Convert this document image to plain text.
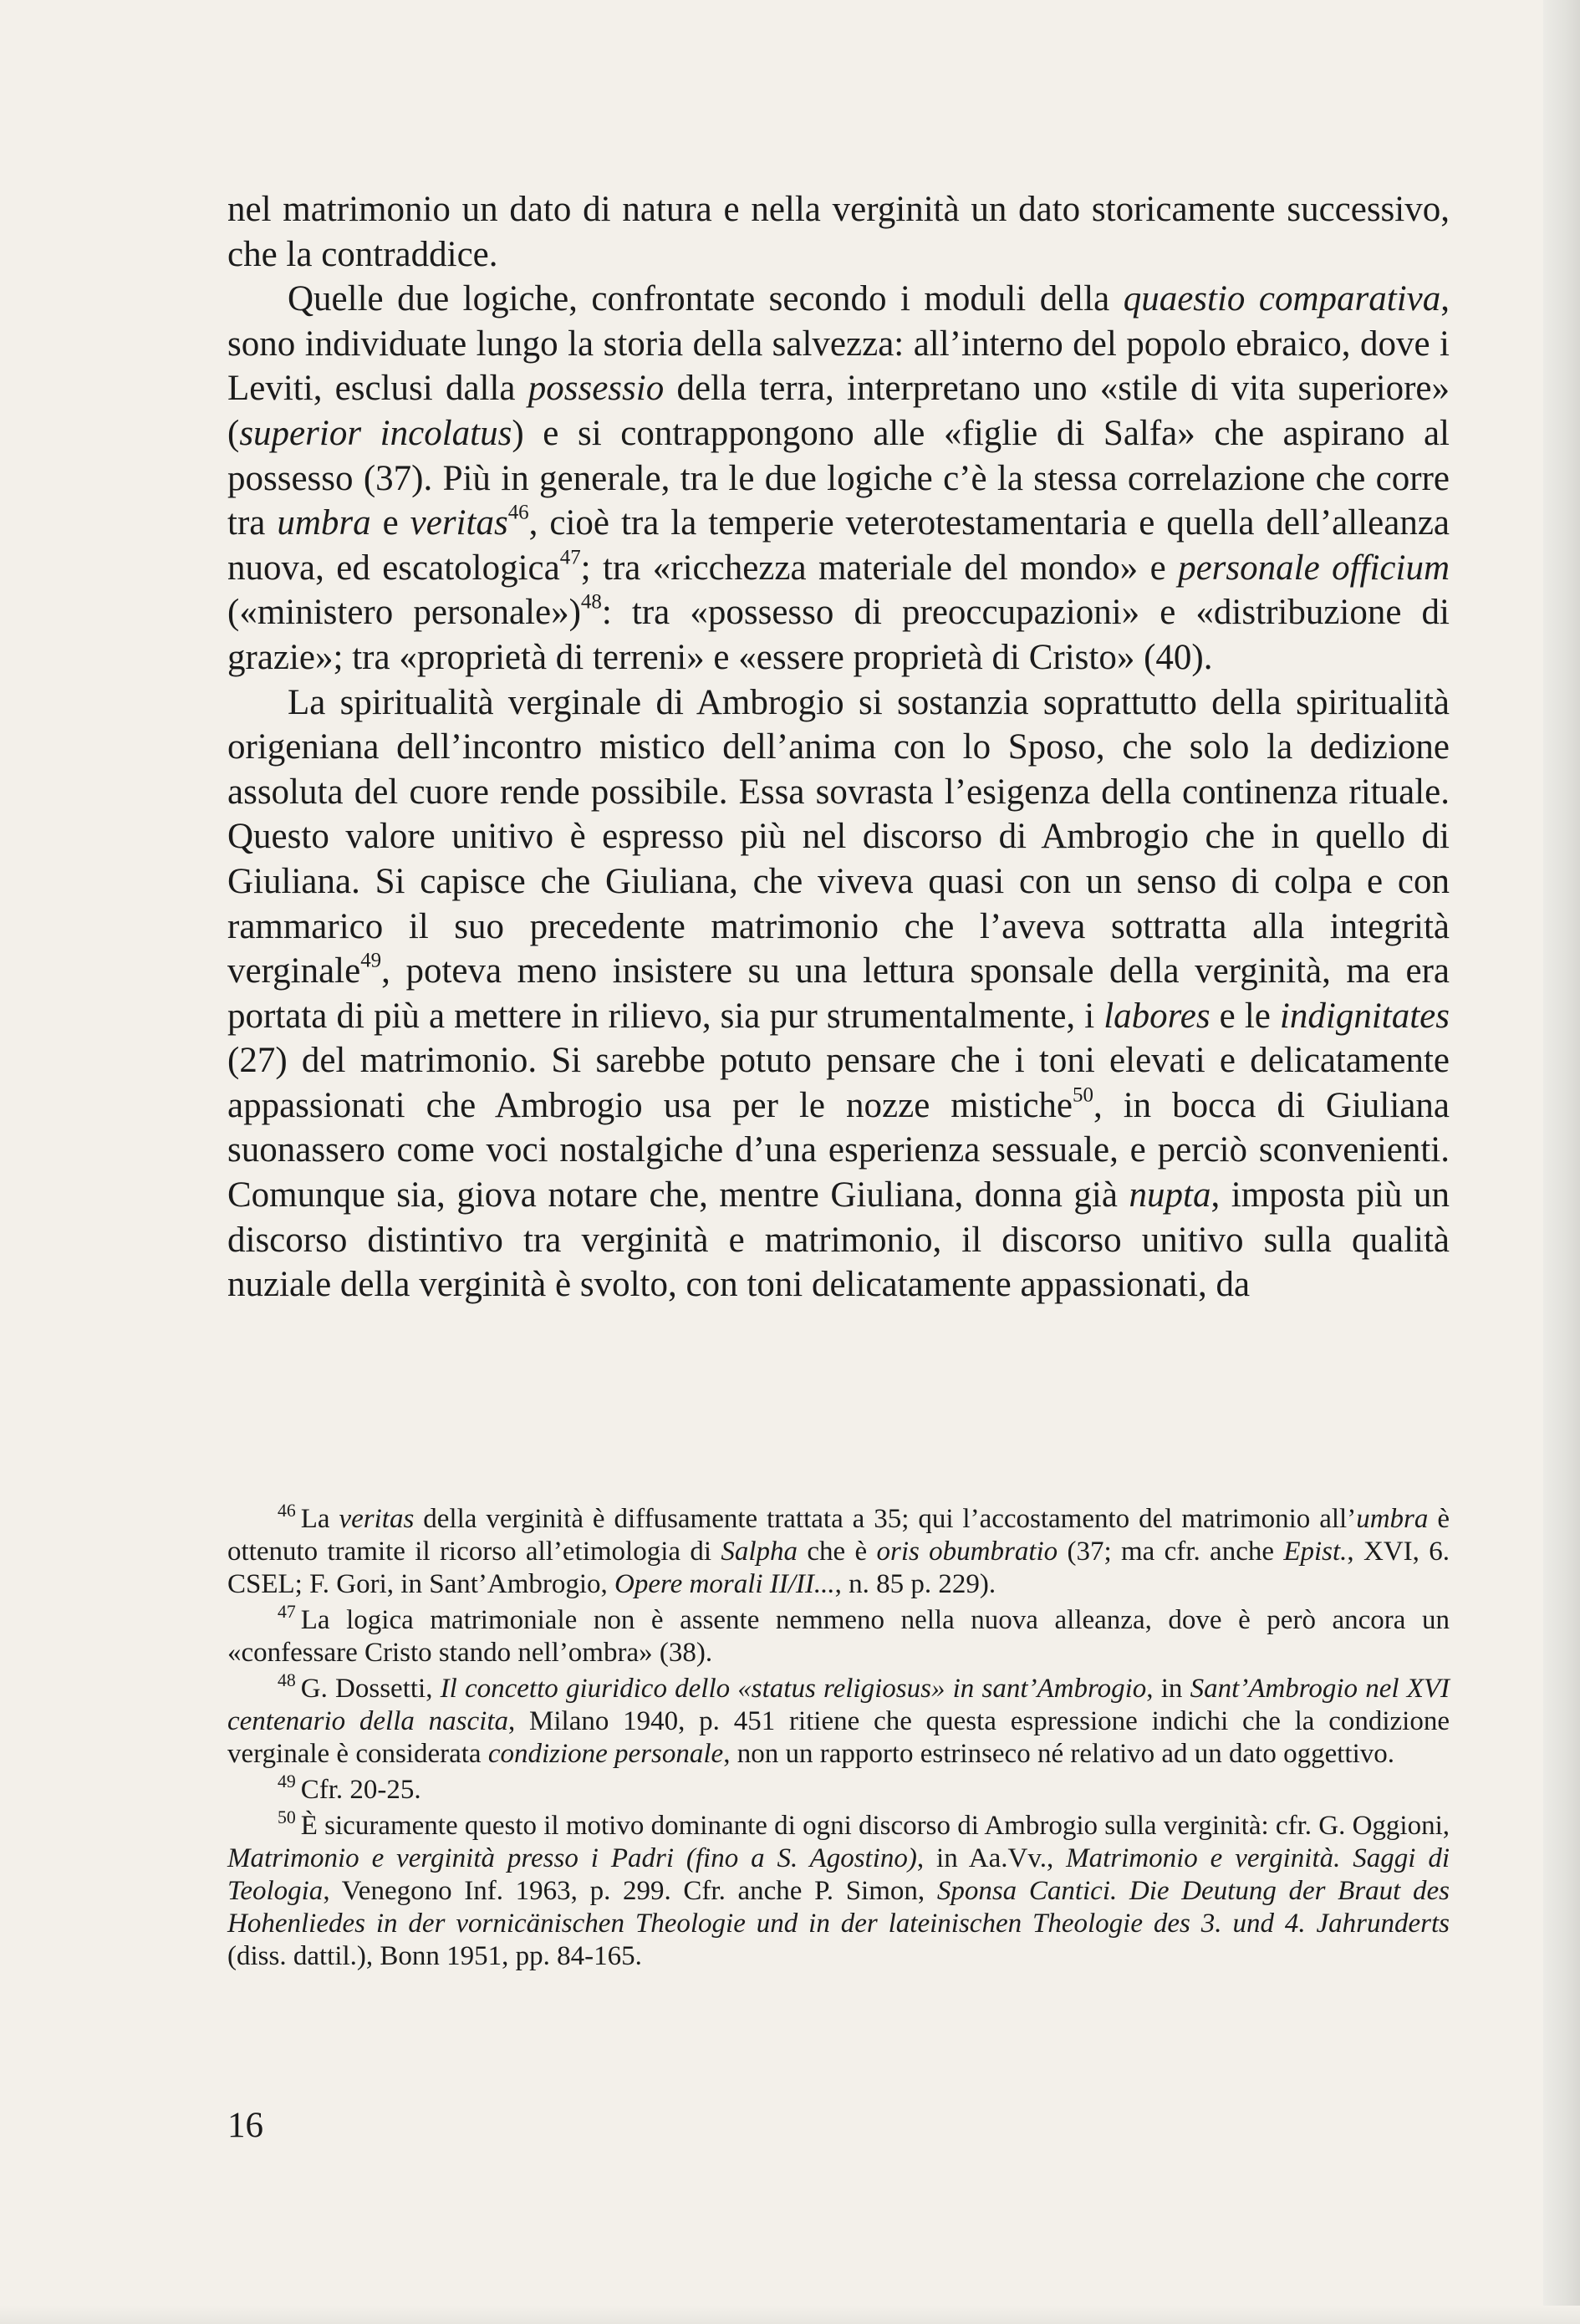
nel matrimonio un dato di natura e nella verginità un dato storicamente successivo, che la contraddice.

Quelle due logiche, confrontate secondo i moduli della quaestio comparativa, sono individuate lungo la storia della salvezza: all’interno del popolo ebraico, dove i Leviti, esclusi dalla possessio della terra, interpretano uno «stile di vita superiore» (superior incolatus) e si contrappongono alle «figlie di Salfa» che aspirano al possesso (37). Più in generale, tra le due logiche c’è la stessa correlazione che corre tra umbra e veritas$^{46}$, cioè tra la temperie veterotestamentaria e quella dell’alleanza nuova, ed escatologica$^{47}$; tra «ricchezza materiale del mondo» e personale officium («ministero personale»)$^{48}$: tra «possesso di preoccupazioni» e «distribuzione di grazie»; tra «proprietà di terreni» e «essere proprietà di Cristo» (40).

La spiritualità verginale di Ambrogio si sostanzia soprattutto della spiritualità origeniana dell’incontro mistico dell’anima con lo Sposo, che solo la dedizione assoluta del cuore rende possibile. Essa sovrasta l’esigenza della continenza rituale. Questo valore unitivo è espresso più nel discorso di Ambrogio che in quello di Giuliana. Si capisce che Giuliana, che viveva quasi con un senso di colpa e con rammarico il suo precedente matrimonio che l’aveva sottratta alla integrità verginale$^{49}$, poteva meno insistere su una lettura sponsale della verginità, ma era portata di più a mettere in rilievo, sia pur strumentalmente, i labores e le indignitates (27) del matrimonio. Si sarebbe potuto pensare che i toni elevati e delicatamente appassionati che Ambrogio usa per le nozze mistiche$^{50}$, in bocca di Giuliana suonassero come voci nostalgiche d’una esperienza sessuale, e perciò sconvenienti. Comunque sia, giova notare che, mentre Giuliana, donna già nupta, imposta più un discorso distintivo tra verginità e matrimonio, il discorso unitivo sulla qualità nuziale della verginità è svolto, con toni delicatamente appassionati, da

$^{46}$ La veritas della verginità è diffusamente trattata a 35; qui l’accostamento del matrimonio all’umbra è ottenuto tramite il ricorso all’etimologia di Salpha che è oris obumbratio (37; ma cfr. anche Epist., XVI, 6. CSEL; F. Gori, in Sant’Ambrogio, Opere morali II/II..., n. 85 p. 229).

$^{47}$ La logica matrimoniale non è assente nemmeno nella nuova alleanza, dove è però ancora un «confessare Cristo stando nell’ombra» (38).

$^{48}$ G. Dossetti, Il concetto giuridico dello «status religiosus» in sant’Ambrogio, in Sant’Ambrogio nel XVI centenario della nascita, Milano 1940, p. 451 ritiene che questa espressione indichi che la condizione verginale è considerata condizione personale, non un rapporto estrinseco né relativo ad un dato oggettivo.

$^{49}$ Cfr. 20-25.

$^{50}$ È sicuramente questo il motivo dominante di ogni discorso di Ambrogio sulla verginità: cfr. G. Oggioni, Matrimonio e verginità presso i Padri (fino a S. Agostino), in Aa.Vv., Matrimonio e verginità. Saggi di Teologia, Venegono Inf. 1963, p. 299. Cfr. anche P. Simon, Sponsa Cantici. Die Deutung der Braut des Hohenliedes in der vornicänischen Theologie und in der lateinischen Theologie des 3. und 4. Jahrunderts (diss. dattil.), Bonn 1951, pp. 84-165.

16
